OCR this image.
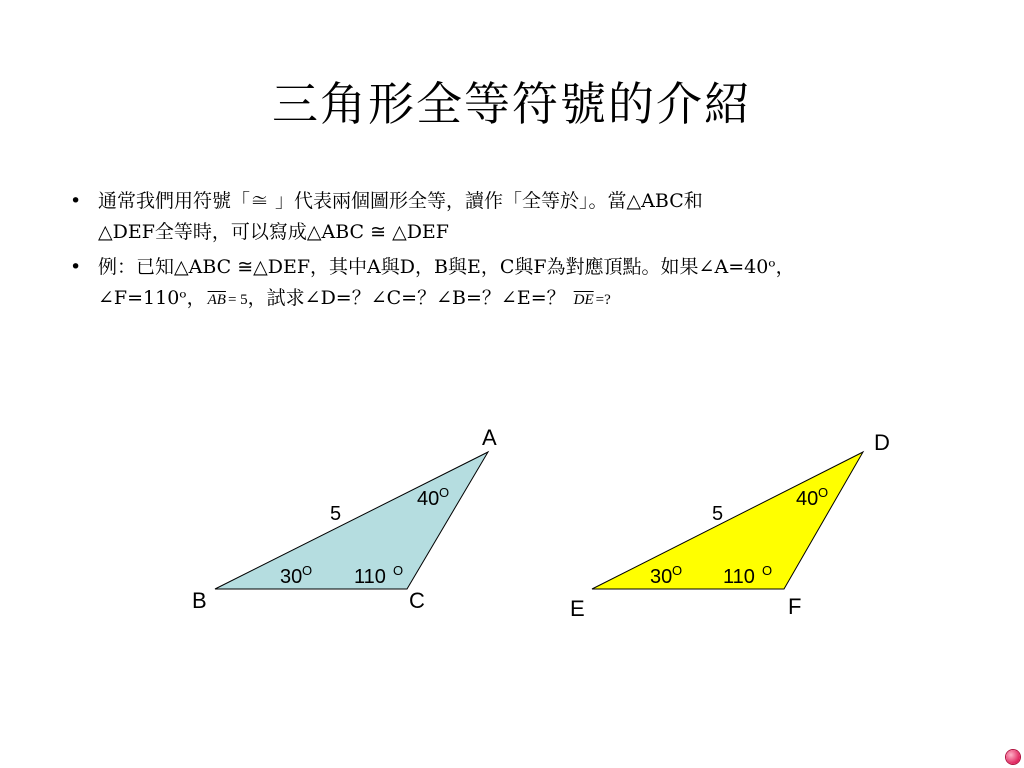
三角形全等符號的介紹
• 通常我們用符號「≅ 」代表兩個圖形全等，讀作「全等於」。當△ABC和
△DEF全等時，可以寫成△ABC ≅ △DEF
• 例：已知△ABC ≅△DEF，其中A與D，B與E，C與F為對應頂點。如果∠A=40ᵒ，
∠F=110ᵒ， $\overline{AB} = 5$，試求∠D=？∠C=？∠B=？∠E=？ $\overline{DE}$ =?
A
B	C
5
40 O
30 O 110 O
D
E	F
5
40 O
30 O 110 O
